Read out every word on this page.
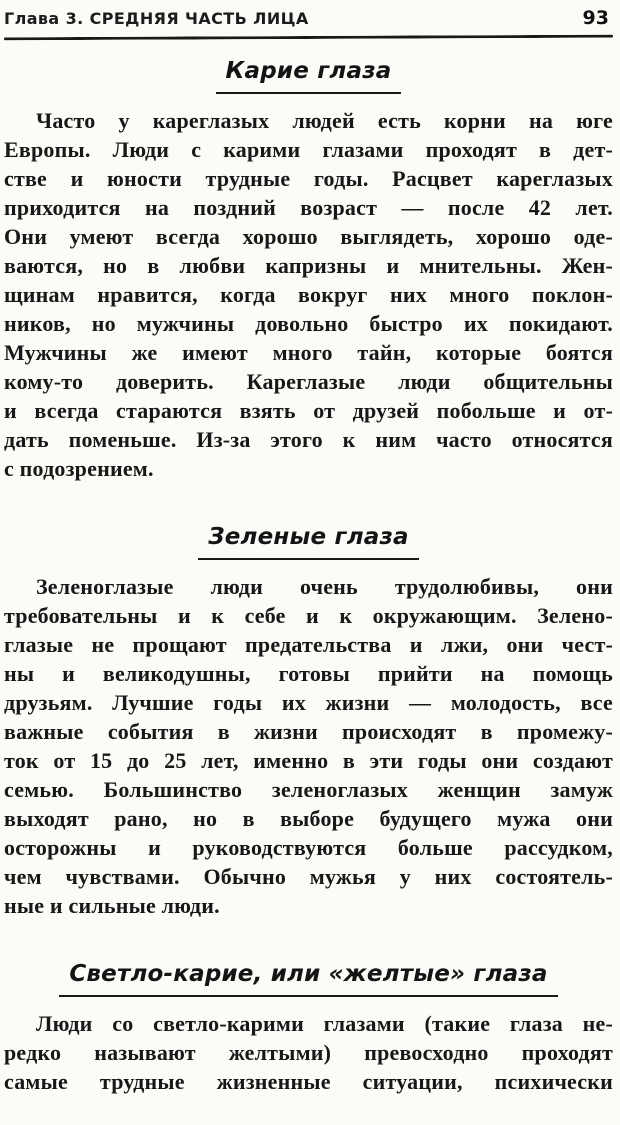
Глава 3. СРЕДНЯЯ ЧАСТЬ ЛИЦА	93
Карие глаза
Часто у кареглазых людей есть корни на юге
Европы. Люди с карими глазами проходят в дет-
стве и юности трудные годы. Расцвет кареглазых
приходится на поздний возраст — после 42 лет.
Они умеют всегда хорошо выглядеть, хорошо оде-
ваются, но в любви капризны и мнительны. Жен-
щинам нравится, когда вокруг них много поклон-
ников, но мужчины довольно быстро их покидают.
Мужчины же имеют много тайн, которые боятся
кому-то доверить. Кареглазые люди общительны
и всегда стараются взять от друзей побольше и от-
дать поменьше. Из-за этого к ним часто относятся
с подозрением.
Зеленые глаза
Зеленоглазые люди очень трудолюбивы, они
требовательны и к себе и к окружающим. Зелено-
глазые не прощают предательства и лжи, они чест-
ны и великодушны, готовы прийти на помощь
друзьям. Лучшие годы их жизни — молодость, все
важные события в жизни происходят в промежу-
ток от 15 до 25 лет, именно в эти годы они создают
семью. Большинство зеленоглазых женщин замуж
выходят рано, но в выборе будущего мужа они
осторожны и руководствуются больше рассудком,
чем чувствами. Обычно мужья у них состоятель-
ные и сильные люди.
Светло-карие, или «желтые» глаза
Люди со светло-карими глазами (такие глаза не-
редко называют желтыми) превосходно проходят
самые трудные жизненные ситуации, психически
